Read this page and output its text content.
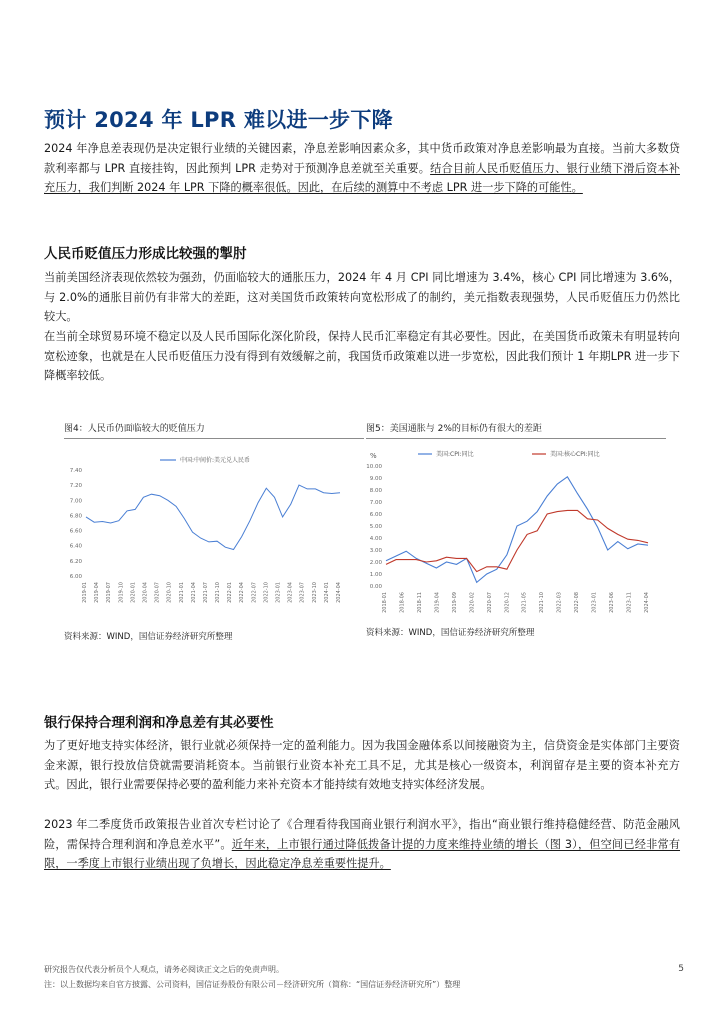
预计 2024 年 LPR 难以进一步下降
2024 年净息差表现仍是决定银行业绩的关键因素，净息差影响因素众多，其中货币政策对净息差影响最为直接。当前大多数贷款利率都与 LPR 直接挂钩，因此预判 LPR 走势对于预测净息差就至关重要。结合目前人民币贬值压力、银行业绩下滑后资本补充压力，我们判断 2024 年 LPR 下降的概率很低。因此，在后续的测算中不考虑 LPR 进一步下降的可能性。
人民币贬值压力形成比较强的掣肘
当前美国经济表现依然较为强劲，仍面临较大的通胀压力，2024 年 4 月 CPI 同比增速为 3.4%，核心 CPI 同比增速为 3.6%，与 2.0%的通胀目前仍有非常大的差距，这对美国货币政策转向宽松形成了的制约，美元指数表现强势，人民币贬值压力仍然比较大。
在当前全球贸易环境不稳定以及人民币国际化深化阶段，保持人民币汇率稳定有其必要性。因此，在美国货币政策未有明显转向宽松迹象，也就是在人民币贬值压力没有得到有效缓解之前，我国货币政策难以进一步宽松，因此我们预计 1 年期LPR 进一步下降概率较低。
图4：人民币仍面临较大的贬值压力
中国:中间价:美元兑人民币
7.40
7.20
7.00
6.80
6.60
6.40
6.20
6.00
2019-01 2019-04 2019-07 2019-10 2020-01 2020-04 2020-07 2020-10 2021-01 2021-04 2021-07 2021-10 2022-01 2022-04 2022-07 2022-10 2023-01 2023-04 2023-07 2023-10 2024-01 2024-04
资料来源：WIND，国信证券经济研究所整理
图5：美国通胀与 2%的目标仍有很大的差距
%	美国:CPI:同比	美国:核心CPI:同比
10.00
9.00
8.00
7.00
6.00
5.00
4.00
3.00
2.00
1.00
0.00
2018-01 2018-06 2018-11 2019-04 2019-09 2020-02 2020-07 2020-12 2021-05 2021-10 2022-03 2022-08 2023-01 2023-06 2023-11 2024-04
资料来源：WIND，国信证券经济研究所整理
银行保持合理利润和净息差有其必要性
为了更好地支持实体经济，银行业就必须保持一定的盈利能力。因为我国金融体系以间接融资为主，信贷资金是实体部门主要资金来源，银行投放信贷就需要消耗资本。当前银行业资本补充工具不足，尤其是核心一级资本，利润留存是主要的资本补充方式。因此，银行业需要保持必要的盈利能力来补充资本才能持续有效地支持实体经济发展。
2023 年二季度货币政策报告业首次专栏讨论了《合理看待我国商业银行利润水平》，指出“商业银行维持稳健经营、防范金融风险，需保持合理利润和净息差水平”。近年来，上市银行通过降低拨备计提的力度来维持业绩的增长（图 3），但空间已经非常有限，一季度上市银行业绩出现了负增长，因此稳定净息差重要性提升。
研究报告仅代表分析员个人观点，请务必阅读正文之后的免责声明。
注：以上数据均来自官方披露、公司资料，国信证券股份有限公司－经济研究所（简称：“国信证券经济研究所”）整理
5
